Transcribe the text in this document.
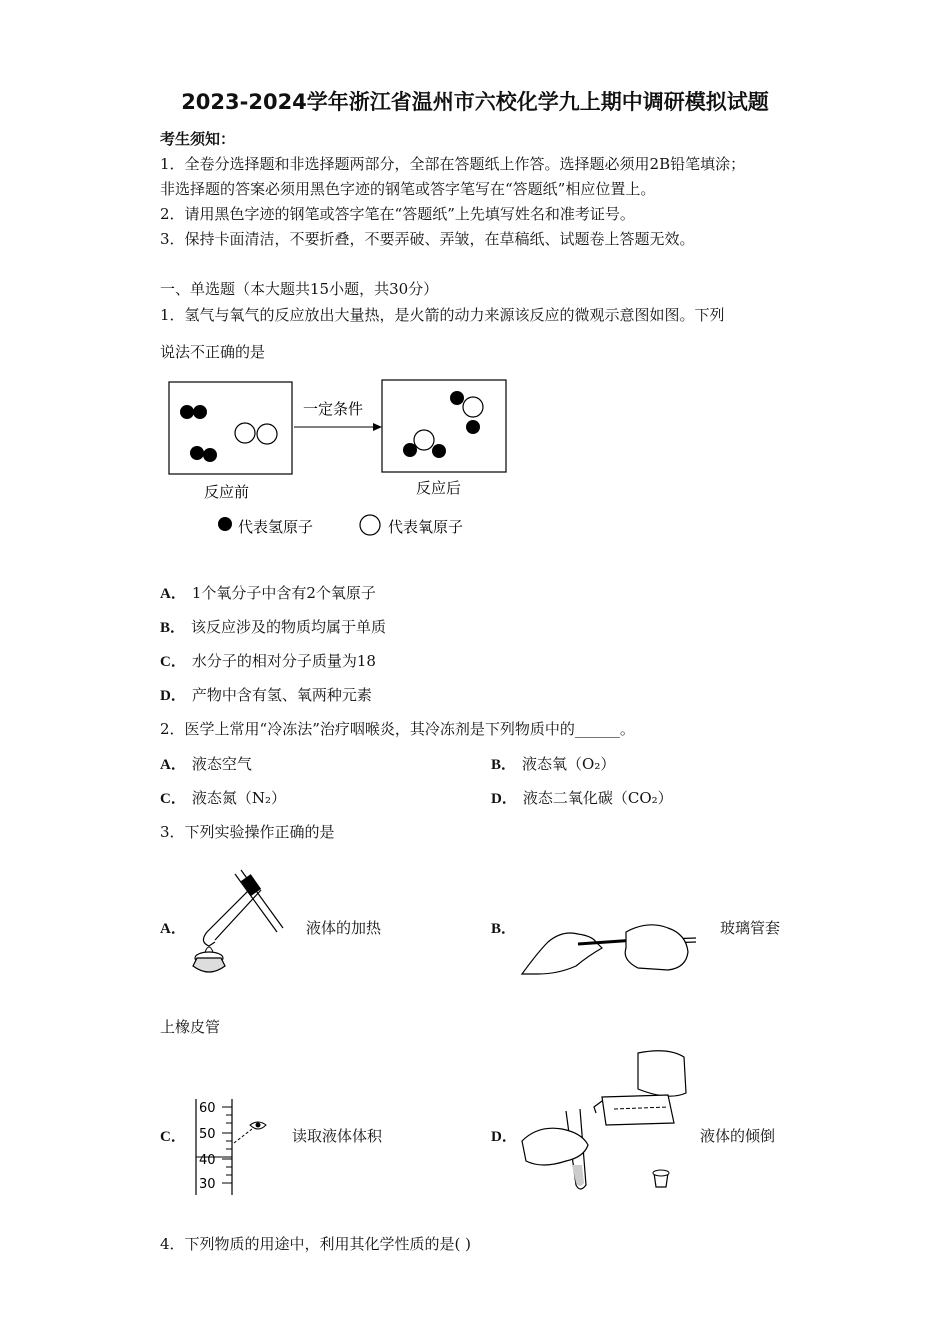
2023-2024学年浙江省温州市六校化学九上期中调研模拟试题
考生须知：
1．全卷分选择题和非选择题两部分，全部在答题纸上作答。选择题必须用2B铅笔填涂；
非选择题的答案必须用黑色字迹的钢笔或答字笔写在“答题纸”相应位置上。
2．请用黑色字迹的钢笔或答字笔在“答题纸”上先填写姓名和准考证号。
3．保持卡面清洁，不要折叠，不要弄破、弄皱，在草稿纸、试题卷上答题无效。
一、单选题（本大题共15小题，共30分）
1．氢气与氧气的反应放出大量热，是火箭的动力来源该反应的微观示意图如图。下列
说法不正确的是
一定条件
反应前	反应后
代表氢原子	代表氧原子
A． 1个氧分子中含有2个氧原子
B． 该反应涉及的物质均属于单质
C． 水分子的相对分子质量为18
D． 产物中含有氢、氧两种元素
2．医学上常用“冷冻法”治疗咽喉炎，其冷冻剂是下列物质中的______。
A． 液态空气	B． 液态氧（O₂）
C． 液态氮（N₂）	D． 液态二氧化碳（CO₂）
3．下列实验操作正确的是
A．	液体的加热	B．	玻璃管套
上橡皮管
C．
60
50
40
30
读取液体体积	D．	液体的倾倒
4．下列物质的用途中，利用其化学性质的是( )
